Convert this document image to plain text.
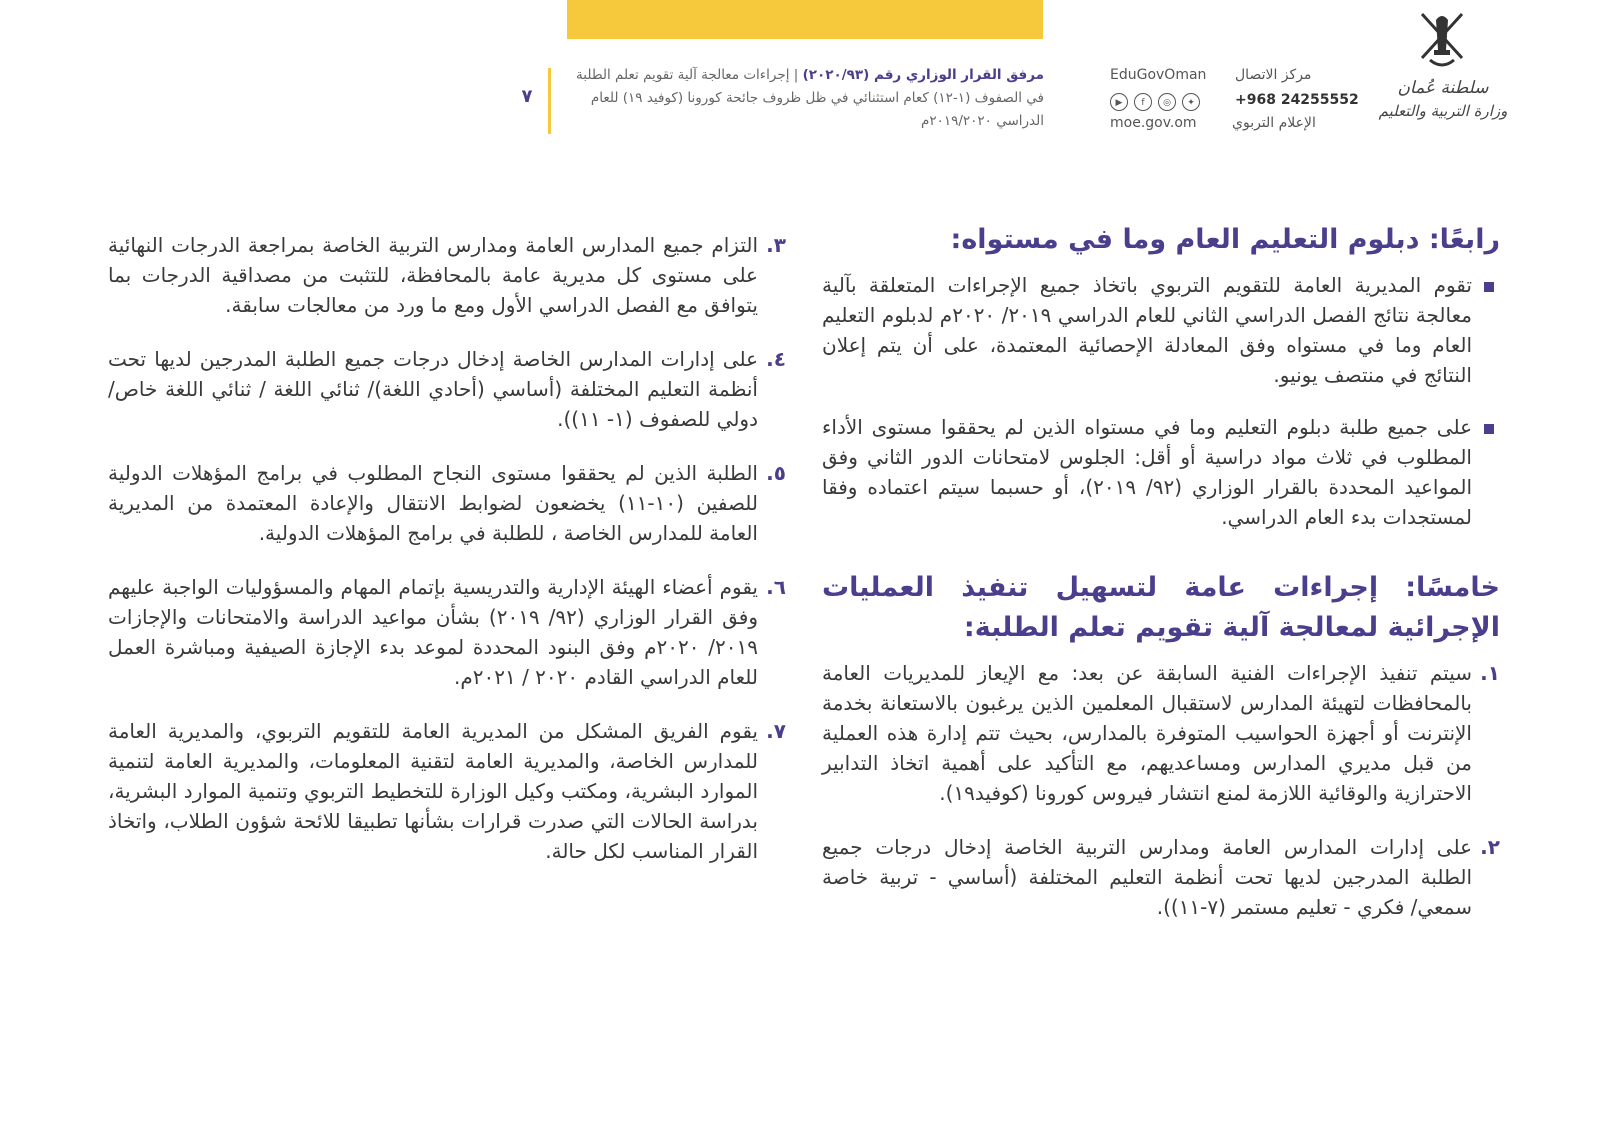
سلطنة عُمان
وزارة التربية والتعليم
مركز الاتصال
+968 24255552
الإعلام التربوي
EduGovOman
▶	f	◎	✦
moe.gov.om
مرفق القرار الوزاري رقم (٢٠٢٠/٩٣) | إجراءات معالجة آلية تقويم تعلم الطلبة في الصفوف (١-١٢) كعام استثنائي في ظل ظروف جائحة كورونا (كوفيد ١٩) للعام الدراسي ٢٠١٩/٢٠٢٠م
٧
رابعًا: دبلوم التعليم العام وما في مستواه:
تقوم المديرية العامة للتقويم التربوي باتخاذ جميع الإجراءات المتعلقة بآلية معالجة نتائج الفصل الدراسي الثاني للعام الدراسي ٢٠١٩/ ٢٠٢٠م لدبلوم التعليم العام وما في مستواه وفق المعادلة الإحصائية المعتمدة، على أن يتم إعلان النتائج في منتصف يونيو.
على جميع طلبة دبلوم التعليم وما في مستواه الذين لم يحققوا مستوى الأداء المطلوب في ثلاث مواد دراسية أو أقل: الجلوس لامتحانات الدور الثاني وفق المواعيد المحددة بالقرار الوزاري (٩٢/ ٢٠١٩)، أو حسبما سيتم اعتماده وفقا لمستجدات بدء العام الدراسي.
خامسًا: إجراءات عامة لتسهيل تنفيذ العمليات الإجرائية لمعالجة آلية تقويم تعلم الطلبة:
١.
سيتم تنفيذ الإجراءات الفنية السابقة عن بعد: مع الإيعاز للمديريات العامة بالمحافظات لتهيئة المدارس لاستقبال المعلمين الذين يرغبون بالاستعانة بخدمة الإنترنت أو أجهزة الحواسيب المتوفرة بالمدارس، بحيث تتم إدارة هذه العملية من قبل مديري المدارس ومساعديهم، مع التأكيد على أهمية اتخاذ التدابير الاحترازية والوقائية اللازمة لمنع انتشار فيروس كورونا (كوفيد١٩).
٢.
على إدارات المدارس العامة ومدارس التربية الخاصة إدخال درجات جميع الطلبة المدرجين لديها تحت أنظمة التعليم المختلفة (أساسي - تربية خاصة سمعي/ فكري - تعليم مستمر (٧-١١)).
٣.
التزام جميع المدارس العامة ومدارس التربية الخاصة بمراجعة الدرجات النهائية على مستوى كل مديرية عامة بالمحافظة، للتثبت من مصداقية الدرجات بما يتوافق مع الفصل الدراسي الأول ومع ما ورد من معالجات سابقة.
٤.
على إدارات المدارس الخاصة إدخال درجات جميع الطلبة المدرجين لديها تحت أنظمة التعليم المختلفة (أساسي (أحادي اللغة)/ ثنائي اللغة / ثنائي اللغة خاص/ دولي للصفوف (١- ١١)).
٥.
الطلبة الذين لم يحققوا مستوى النجاح المطلوب في برامج المؤهلات الدولية للصفين (١٠-١١) يخضعون لضوابط الانتقال والإعادة المعتمدة من المديرية العامة للمدارس الخاصة ، للطلبة في برامج المؤهلات الدولية.
٦.
يقوم أعضاء الهيئة الإدارية والتدريسية بإتمام المهام والمسؤوليات الواجبة عليهم وفق القرار الوزاري (٩٢/ ٢٠١٩) بشأن مواعيد الدراسة والامتحانات والإجازات ٢٠١٩/ ٢٠٢٠م وفق البنود المحددة لموعد بدء الإجازة الصيفية ومباشرة العمل للعام الدراسي القادم ٢٠٢٠ / ٢٠٢١م.
٧.
يقوم الفريق المشكل من المديرية العامة للتقويم التربوي، والمديرية العامة للمدارس الخاصة، والمديرية العامة لتقنية المعلومات، والمديرية العامة لتنمية الموارد البشرية، ومكتب وكيل الوزارة للتخطيط التربوي وتنمية الموارد البشرية، بدراسة الحالات التي صدرت قرارات بشأنها تطبيقا للائحة شؤون الطلاب، واتخاذ القرار المناسب لكل حالة.
